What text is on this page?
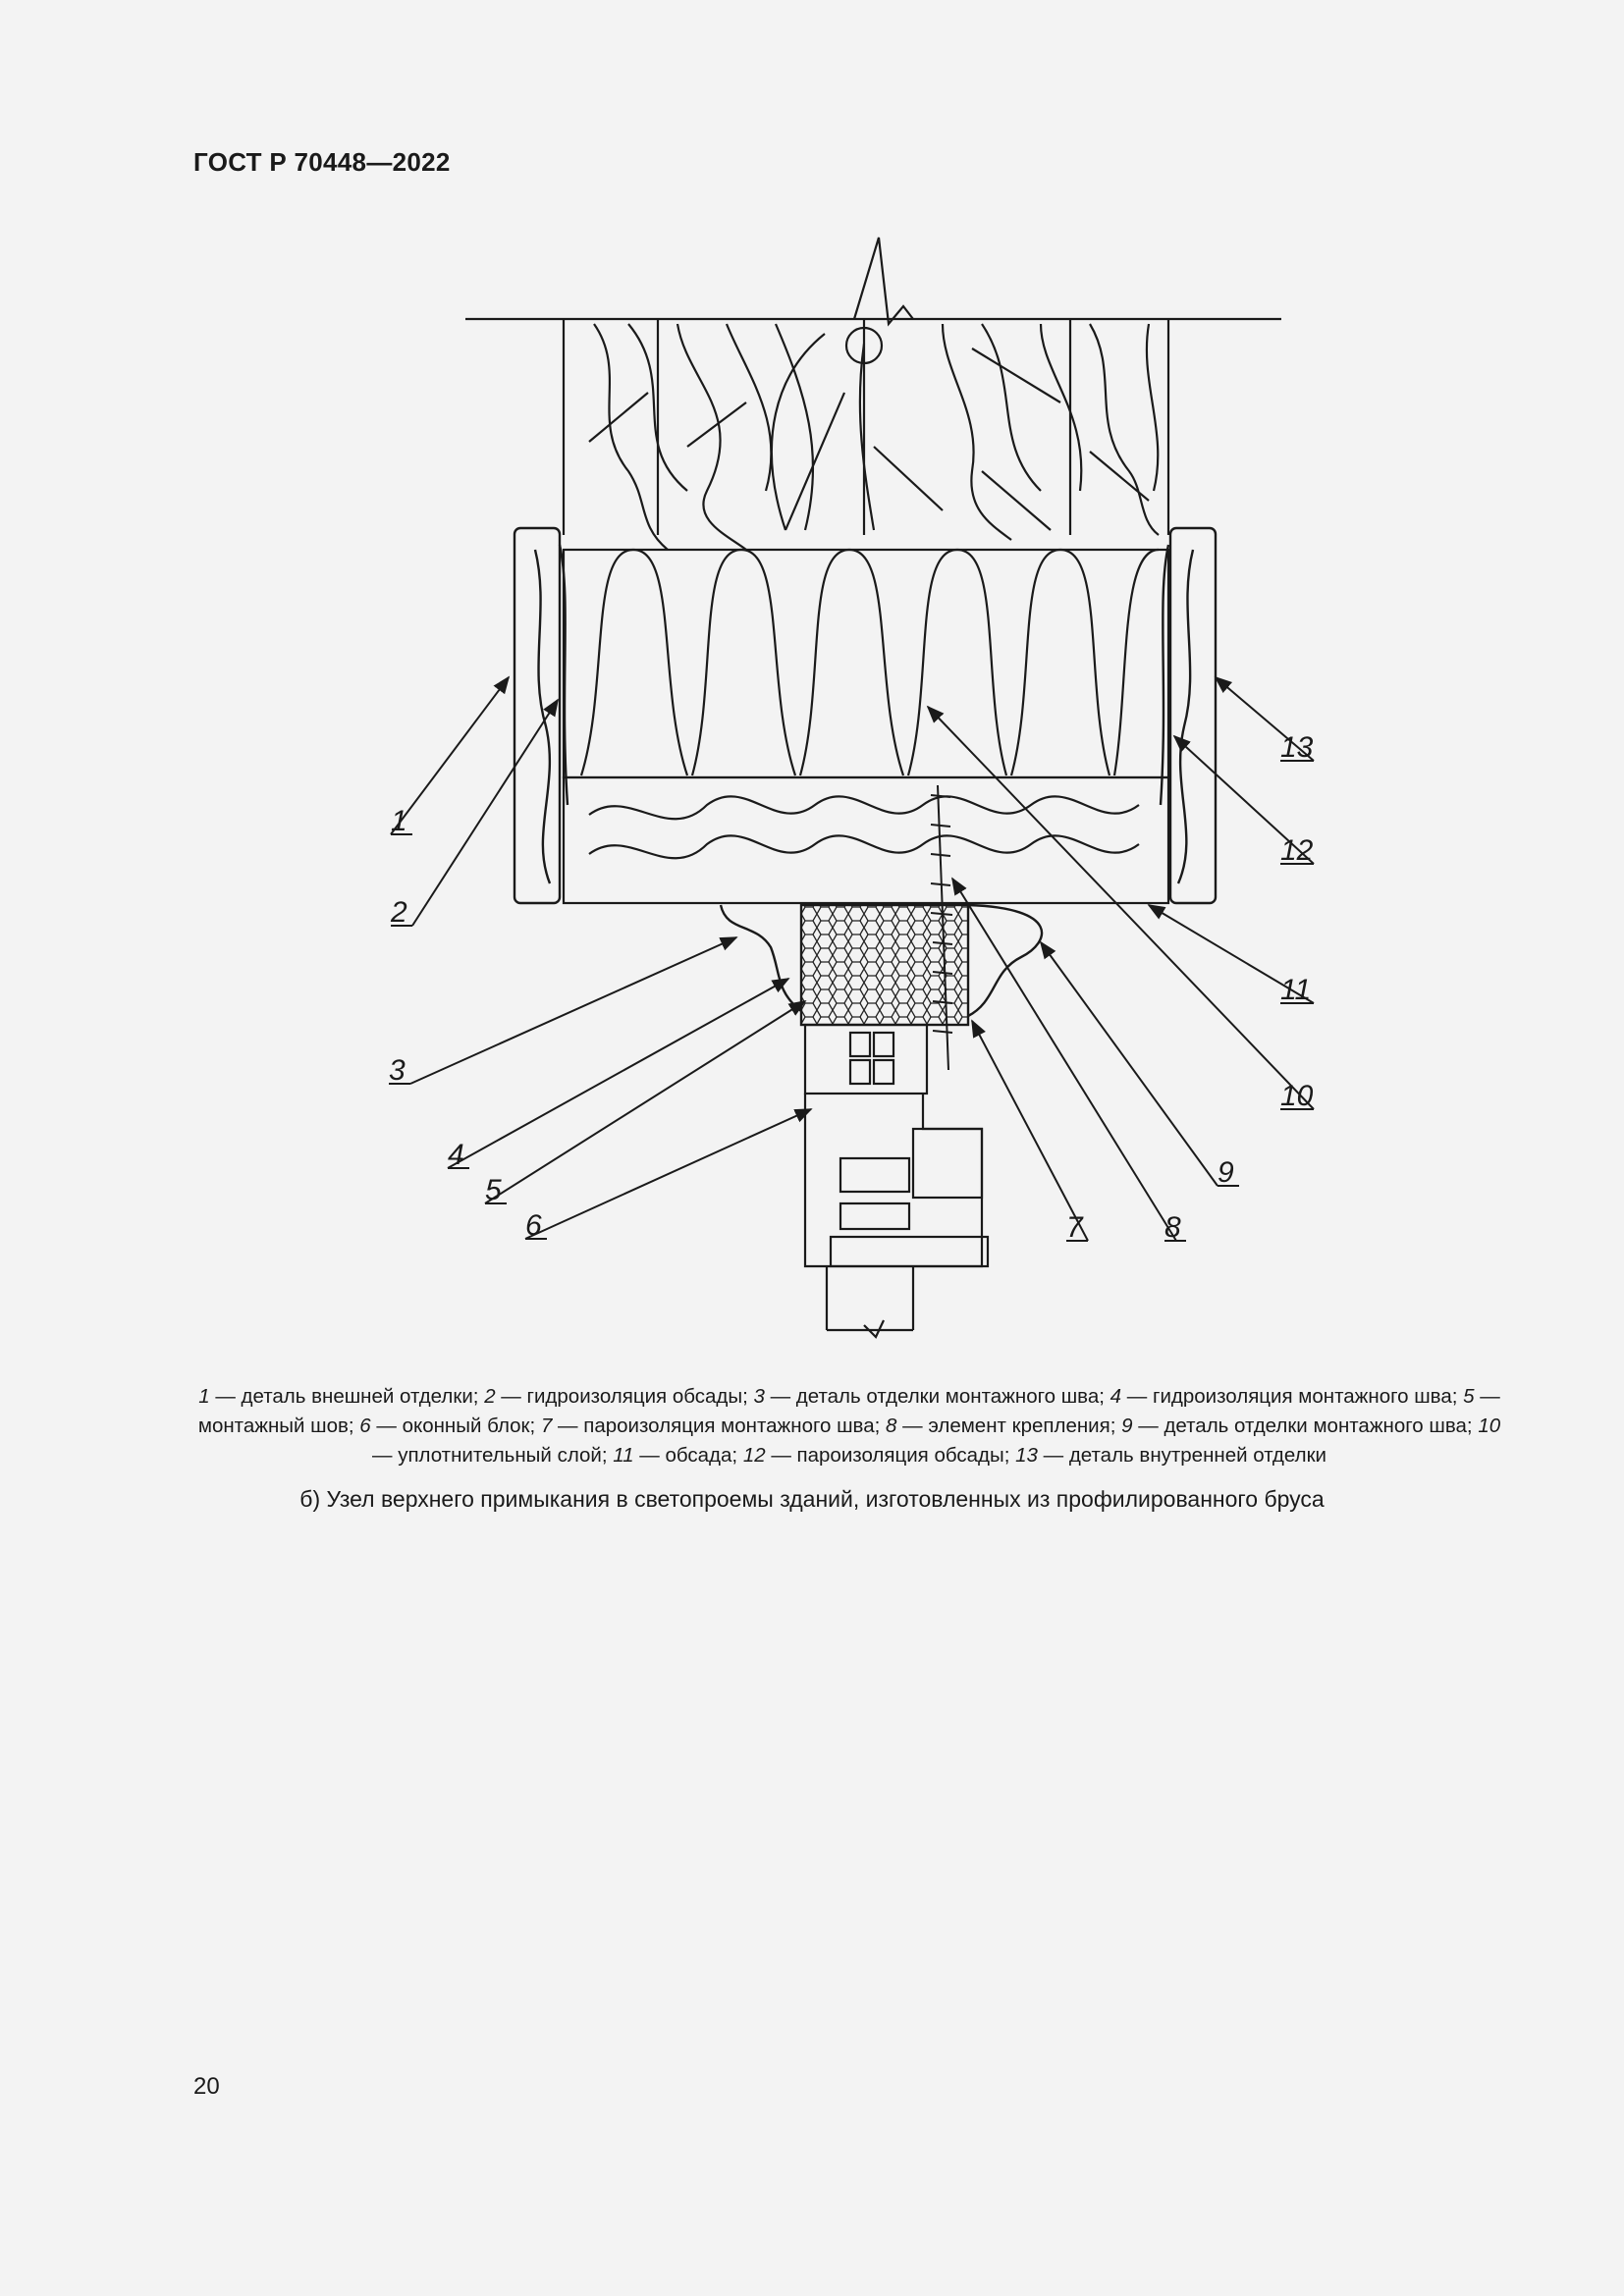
ГОСТ Р 70448—2022
1
2
3
4
5
6	7	8
9
10
11
12
13
1 — деталь внешней отделки; 2 — гидроизоляция обсады; 3 — деталь отделки монтажного шва; 4 — гидроизоляция монтажного шва; 5 — монтажный шов; 6 — оконный блок; 7 — пароизоляция монтажного шва; 8 — элемент крепления; 9 — деталь отделки монтажного шва; 10 — уплотнительный слой; 11 — обсада; 12 — пароизоляция обсады; 13 — деталь внутренней отделки
б) Узел верхнего примыкания в светопроемы зданий, изготовленных из профилированного бруса
20
